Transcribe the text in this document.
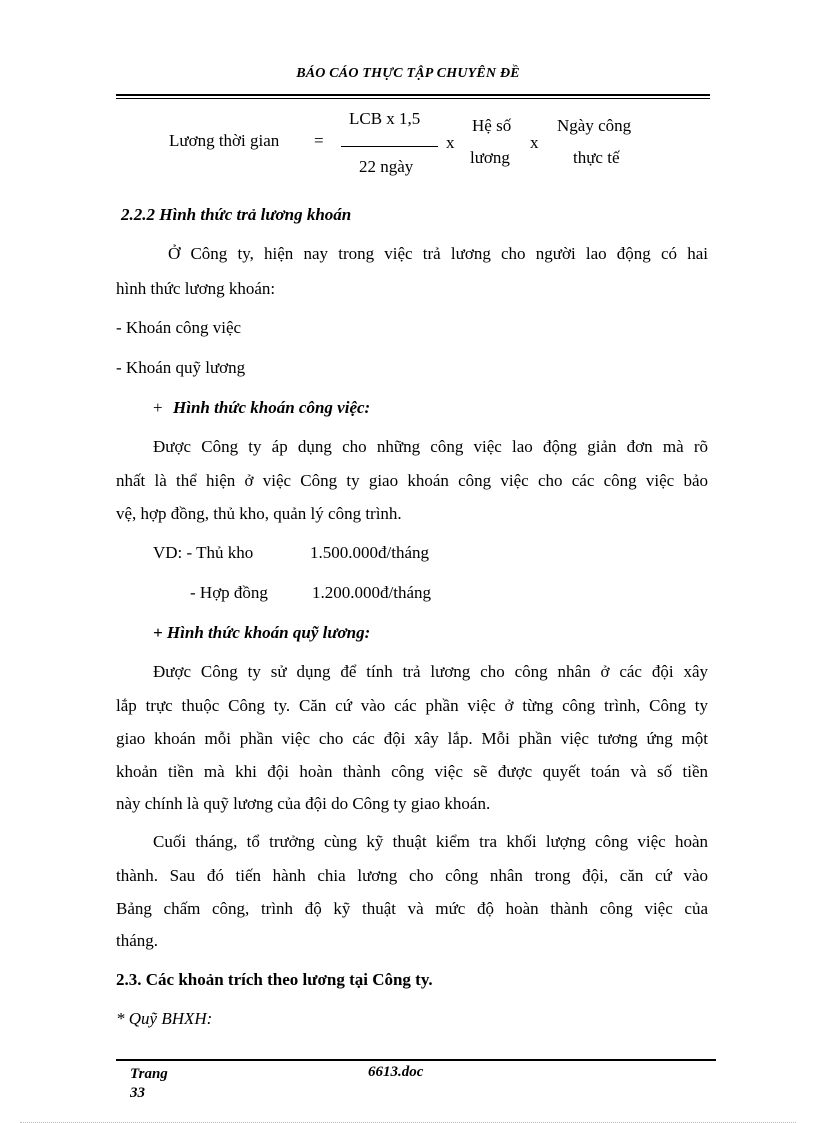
BÁO CÁO THỰC TẬP CHUYÊN ĐỀ
Lương thời gian =
LCB x 1,5
22 ngày
x
Hệ số
lương
x
Ngày công
thực tế
2.2.2 Hình thức trả lương khoán
Ở Công ty, hiện nay trong việc trả lương cho người lao động có hai
hình thức lương khoán:
- Khoán công việc
- Khoán quỹ lương
+ Hình thức khoán công việc:
Được Công ty áp dụng cho những công việc lao động giản đơn mà rõ
nhất là thể hiện ở việc Công ty giao khoán công việc cho các công việc bảo
vệ, hợp đồng, thủ kho, quản lý công trình.
VD: - Thủ kho	1.500.000đ/tháng
- Hợp đồng	1.200.000đ/tháng
+ Hình thức khoán quỹ lương:
Được Công ty sử dụng để tính trả lương cho công nhân ở các đội xây
lắp trực thuộc Công ty. Căn cứ vào các phần việc ở từng công trình, Công ty
giao khoán mỗi phần việc cho các đội xây lắp. Mỗi phần việc tương ứng một
khoản tiền mà khi đội hoàn thành công việc sẽ được quyết toán và số tiền
này chính là quỹ lương của đội do Công ty giao khoán.
Cuối tháng, tổ trưởng cùng kỹ thuật kiểm tra khối lượng công việc hoàn
thành. Sau đó tiến hành chia lương cho công nhân trong đội, căn cứ vào
Bảng chấm công, trình độ kỹ thuật và mức độ hoàn thành công việc của
tháng.
2.3. Các khoản trích theo lương tại Công ty.
* Quỹ BHXH:
Trang
33
6613.doc
